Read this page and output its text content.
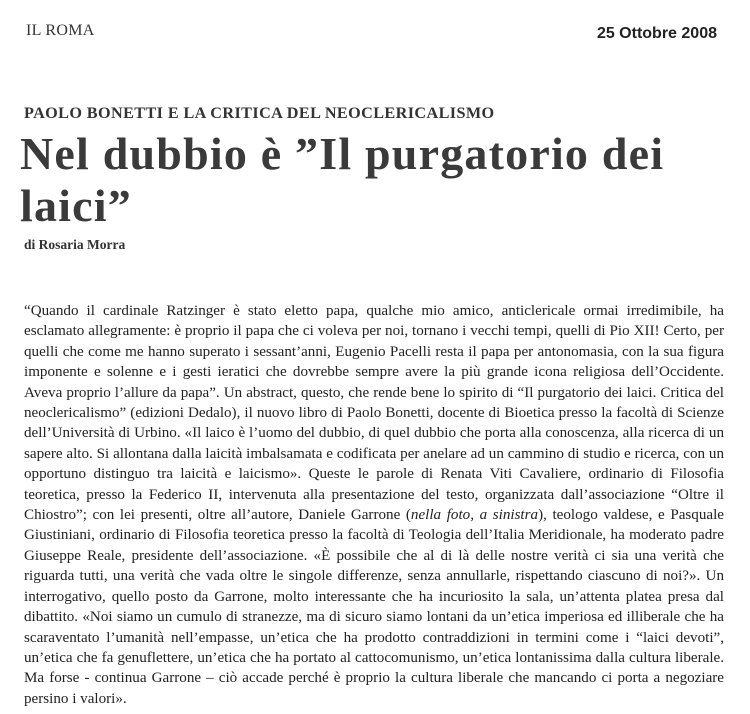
IL ROMA	25 Ottobre 2008
PAOLO BONETTI E LA CRITICA DEL NEOCLERICALISMO
Nel dubbio è ”Il purgatorio dei laici”
di Rosaria Morra

“Quando il cardinale Ratzinger è stato eletto papa, qualche mio amico, anticlericale ormai irredimibile, ha esclamato allegramente: è proprio il papa che ci voleva per noi, tornano i vecchi tempi, quelli di Pio XII! Certo, per quelli che come me hanno superato i sessant’anni, Eugenio Pacelli resta il papa per antonomasia, con la sua figura imponente e solenne e i gesti ieratici che dovrebbe sempre avere la più grande icona religiosa dell’Occidente. Aveva proprio l’allure da papa”. Un abstract, questo, che rende bene lo spirito di “Il purgatorio dei laici. Critica del neoclericalismo” (edizioni Dedalo), il nuovo libro di Paolo Bonetti, docente di Bioetica presso la facoltà di Scienze dell’Università di Urbino. «Il laico è l’uomo del dubbio, di quel dubbio che porta alla conoscenza, alla ricerca di un sapere alto. Si allontana dalla laicità imbalsamata e codificata per anelare ad un cammino di studio e ricerca, con un opportuno distinguo tra laicità e laicismo». Queste le parole di Renata Viti Cavaliere, ordinario di Filosofia teoretica, presso la Federico II, intervenuta alla presentazione del testo, organizzata dall’associazione “Oltre il Chiostro”; con lei presenti, oltre all’autore, Daniele Garrone (nella foto, a sinistra), teologo valdese, e Pasquale Giustiniani, ordinario di Filosofia teoretica presso la facoltà di Teologia dell’Italia Meridionale, ha moderato padre Giuseppe Reale, presidente dell’associazione. «È possibile che al di là delle nostre verità ci sia una verità che riguarda tutti, una verità che vada oltre le singole differenze, senza annullarle, rispettando ciascuno di noi?». Un interrogativo, quello posto da Garrone, molto interessante che ha incuriosito la sala, un’attenta platea presa dal dibattito. «Noi siamo un cumulo di stranezze, ma di sicuro siamo lontani da un’etica imperiosa ed illiberale che ha scaraventato l’umanità nell’empasse, un’etica che ha prodotto contraddizioni in termini come i “laici devoti”, un’etica che fa genuflettere, un’etica che ha portato al cattocomunismo, un’etica lontanissima dalla cultura liberale. Ma forse - continua Garrone – ciò accade perché è proprio la cultura liberale che mancando ci porta a negoziare persino i valori».
